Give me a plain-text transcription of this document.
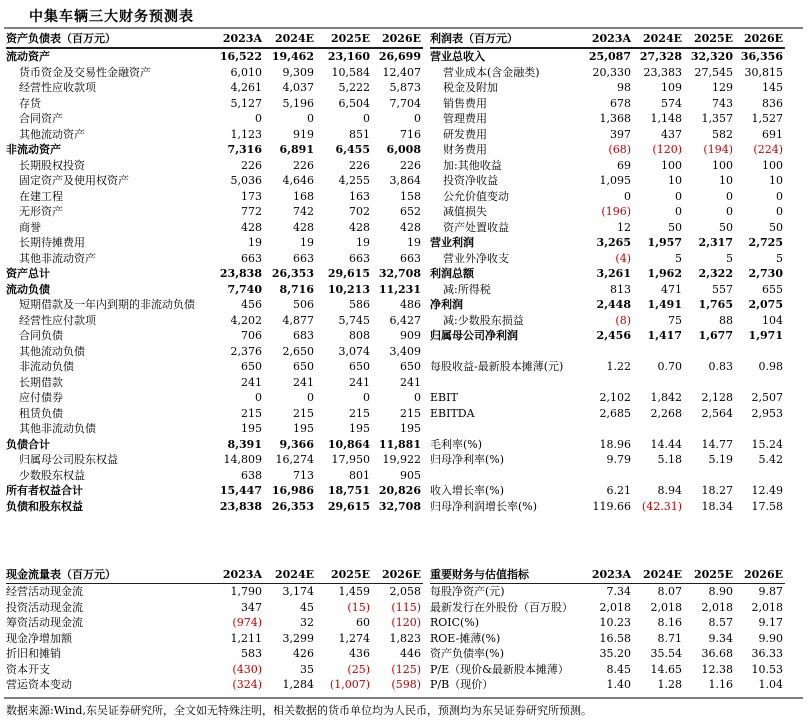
中集车辆三大财务预测表
资产负债表（百万元）	2023A	2024E	2025E	2026E
流动资产	16,522	19,462	23,160	26,699
货币资金及交易性金融资产	6,010	9,309	10,584	12,407
经营性应收款项	4,261	4,037	5,222	5,873
存货	5,127	5,196	6,504	7,704
合同资产	0	0	0	0
其他流动资产	1,123	919	851	716
非流动资产	7,316	6,891	6,455	6,008
长期股权投资	226	226	226	226
固定资产及使用权资产	5,036	4,646	4,255	3,864
在建工程	173	168	163	158
无形资产	772	742	702	652
商誉	428	428	428	428
长期待摊费用	19	19	19	19
其他非流动资产	663	663	663	663
资产总计	23,838	26,353	29,615	32,708
流动负债	7,740	8,716	10,213	11,231
短期借款及一年内到期的非流动负债	456	506	586	486
经营性应付款项	4,202	4,877	5,745	6,427
合同负债	706	683	808	909
其他流动负债	2,376	2,650	3,074	3,409
非流动负债	650	650	650	650
长期借款	241	241	241	241
应付债券	0	0	0	0
租赁负债	215	215	215	215
其他非流动负债	195	195	195	195
负债合计	8,391	9,366	10,864	11,881
归属母公司股东权益	14,809	16,274	17,950	19,922
少数股东权益	638	713	801	905
所有者权益合计	15,447	16,986	18,751	20,826
负债和股东权益	23,838	26,353	29,615	32,708
利润表（百万元）	2023A	2024E	2025E	2026E
营业总收入	25,087	27,328	32,320	36,356
营业成本(含金融类)	20,330	23,383	27,545	30,815
税金及附加	98	109	129	145
销售费用	678	574	743	836
管理费用	1,368	1,148	1,357	1,527
研发费用	397	437	582	691
财务费用	(68)	(120)	(194)	(224)
加:其他收益	69	100	100	100
投资净收益	1,095	10	10	10
公允价值变动	0	0	0	0
减值损失	(196)	0	0	0
资产处置收益	12	50	50	50
营业利润	3,265	1,957	2,317	2,725
营业外净收支	(4)	5	5	5
利润总额	3,261	1,962	2,322	2,730
减:所得税	813	471	557	655
净利润	2,448	1,491	1,765	2,075
减:少数股东损益	(8)	75	88	104
归属母公司净利润	2,456	1,417	1,677	1,971

每股收益-最新股本摊薄(元)	1.22	0.70	0.83	0.98

EBIT	2,102	1,842	2,128	2,507
EBITDA	2,685	2,268	2,564	2,953

毛利率(%)	18.96	14.44	14.77	15.24
归母净利率(%)	9.79	5.18	5.19	5.42

收入增长率(%)	6.21	8.94	18.27	12.49
归母净利润增长率(%)	119.66	(42.31)	18.34	17.58
现金流量表（百万元）	2023A	2024E	2025E	2026E
经营活动现金流	1,790	3,174	1,459	2,058
投资活动现金流	347	45	(15)	(115)
筹资活动现金流	(974)	32	60	(120)
现金净增加额	1,211	3,299	1,274	1,823
折旧和摊销	583	426	436	446
资本开支	(430)	35	(25)	(125)
营运资本变动	(324)	1,284	(1,007)	(598)
重要财务与估值指标	2023A	2024E	2025E	2026E
每股净资产(元)	7.34	8.07	8.90	9.87
最新发行在外股份（百万股）	2,018	2,018	2,018	2,018
ROIC(%)	10.23	8.16	8.57	9.17
ROE-摊薄(%)	16.58	8.71	9.34	9.90
资产负债率(%)	35.20	35.54	36.68	36.33
P/E（现价&最新股本摊薄）	8.45	14.65	12.38	10.53
P/B（现价）	1.40	1.28	1.16	1.04
数据来源:Wind,东吴证券研究所，全文如无特殊注明，相关数据的货币单位均为人民币，预测均为东吴证券研究所预测。
